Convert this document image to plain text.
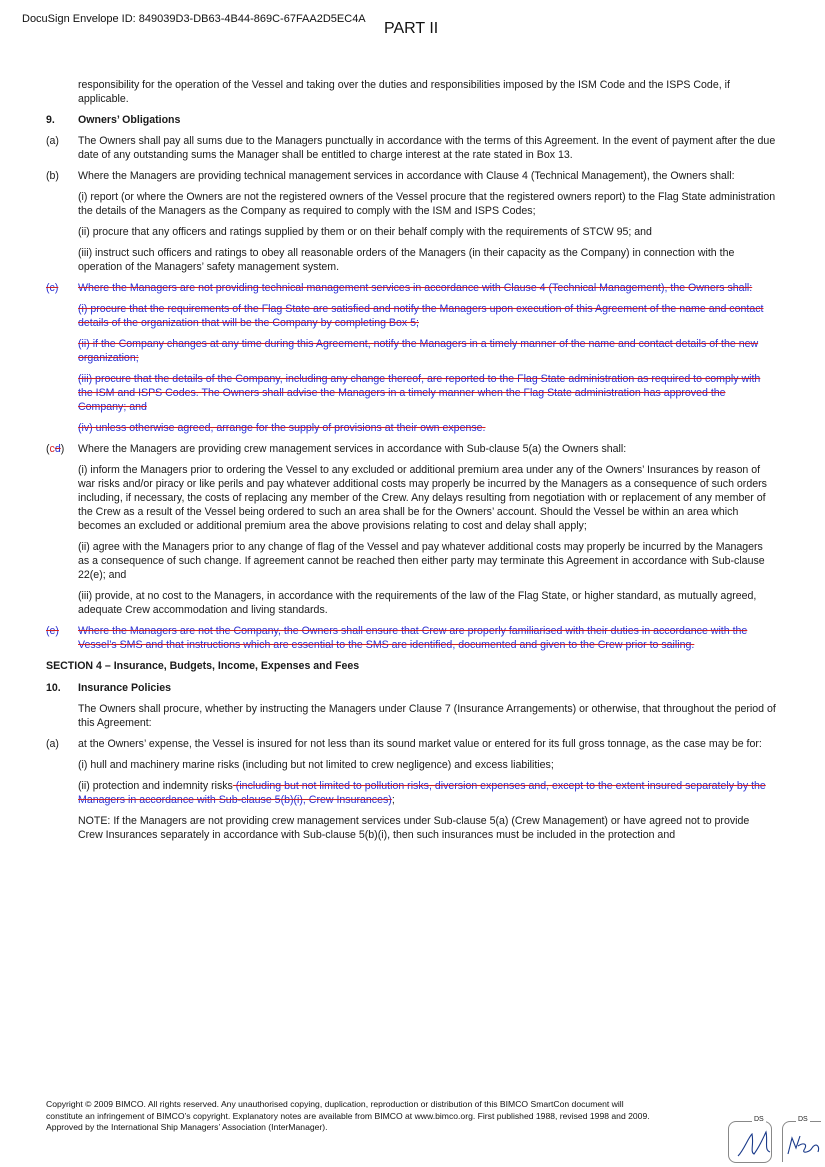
DocuSign Envelope ID: 849039D3-DB63-4B44-869C-67FAA2D5EC4A
PART II

responsibility for the operation of the Vessel and taking over the duties and responsibilities imposed by the ISM Code and the ISPS Code, if applicable.

9.	Owners’ Obligations
(a)	The Owners shall pay all sums due to the Managers punctually in accordance with the terms of this Agreement. In the event of payment after the due date of any outstanding sums the Manager shall be entitled to charge interest at the rate stated in Box 13.
(b)	Where the Managers are providing technical management services in accordance with Clause 4 (Technical Management), the Owners shall:

(i) report (or where the Owners are not the registered owners of the Vessel procure that the registered owners report) to the Flag State administration the details of the Managers as the Company as required to comply with the ISM and ISPS Codes;

(ii) procure that any officers and ratings supplied by them or on their behalf comply with the requirements of STCW 95; and

(iii) instruct such officers and ratings to obey all reasonable orders of the Managers (in their capacity as the Company) in connection with the operation of the Managers’ safety management system.

(c)	Where the Managers are not providing technical management services in accordance with Clause 4 (Technical Management), the Owners shall:

(i) procure that the requirements of the Flag State are satisfied and notify the Managers upon execution of this Agreement of the name and contact details of the organization that will be the Company by completing Box 5;

(ii) if the Company changes at any time during this Agreement, notify the Managers in a timely manner of the name and contact details of the new organization;

(iii) procure that the details of the Company, including any change thereof, are reported to the Flag State administration as required to comply with the ISM and ISPS Codes. The Owners shall advise the Managers in a timely manner when the Flag State administration has approved the Company; and

(iv) unless otherwise agreed, arrange for the supply of provisions at their own expense.

(cd)	Where the Managers are providing crew management services in accordance with Sub-clause 5(a) the Owners shall:

(i) inform the Managers prior to ordering the Vessel to any excluded or additional premium area under any of the Owners’ Insurances by reason of war risks and/or piracy or like perils and pay whatever additional costs may properly be incurred by the Managers as a consequence of such orders including, if necessary, the costs of replacing any member of the Crew. Any delays resulting from negotiation with or replacement of any member of the Crew as a result of the Vessel being ordered to such an area shall be for the Owners’ account. Should the Vessel be within an area which becomes an excluded or additional premium area the above provisions relating to cost and delay shall apply;

(ii) agree with the Managers prior to any change of flag of the Vessel and pay whatever additional costs may properly be incurred by the Managers as a consequence of such change. If agreement cannot be reached then either party may terminate this Agreement in accordance with Sub-clause 22(e); and

(iii) provide, at no cost to the Managers, in accordance with the requirements of the law of the Flag State, or higher standard, as mutually agreed, adequate Crew accommodation and living standards.

(e)	Where the Managers are not the Company, the Owners shall ensure that Crew are properly familiarised with their duties in accordance with the Vessel’s SMS and that instructions which are essential to the SMS are identified, documented and given to the Crew prior to sailing.
SECTION 4 – Insurance, Budgets, Income, Expenses and Fees
10.	Insurance Policies

The Owners shall procure, whether by instructing the Managers under Clause 7 (Insurance Arrangements) or otherwise, that throughout the period of this Agreement:

(a)	at the Owners’ expense, the Vessel is insured for not less than its sound market value or entered for its full gross tonnage, as the case may be for:

(i) hull and machinery marine risks (including but not limited to crew negligence) and excess liabilities;

(ii) protection and indemnity risks (including but not limited to pollution risks, diversion expenses and, except to the extent insured separately by the Managers in accordance with Sub-clause 5(b)(i), Crew Insurances);

NOTE: If the Managers are not providing crew management services under Sub-clause 5(a) (Crew Management) or have agreed not to provide Crew Insurances separately in accordance with Sub-clause 5(b)(i), then such insurances must be included in the protection and

Copyright © 2009 BIMCO. All rights reserved. Any unauthorised copying, duplication, reproduction or distribution of this BIMCO SmartCon document will
constitute an infringement of BIMCO’s copyright. Explanatory notes are available from BIMCO at www.bimco.org. First published 1988, revised 1998 and 2009.
Approved by the International Ship Managers’ Association (InterManager).
DS	DS
